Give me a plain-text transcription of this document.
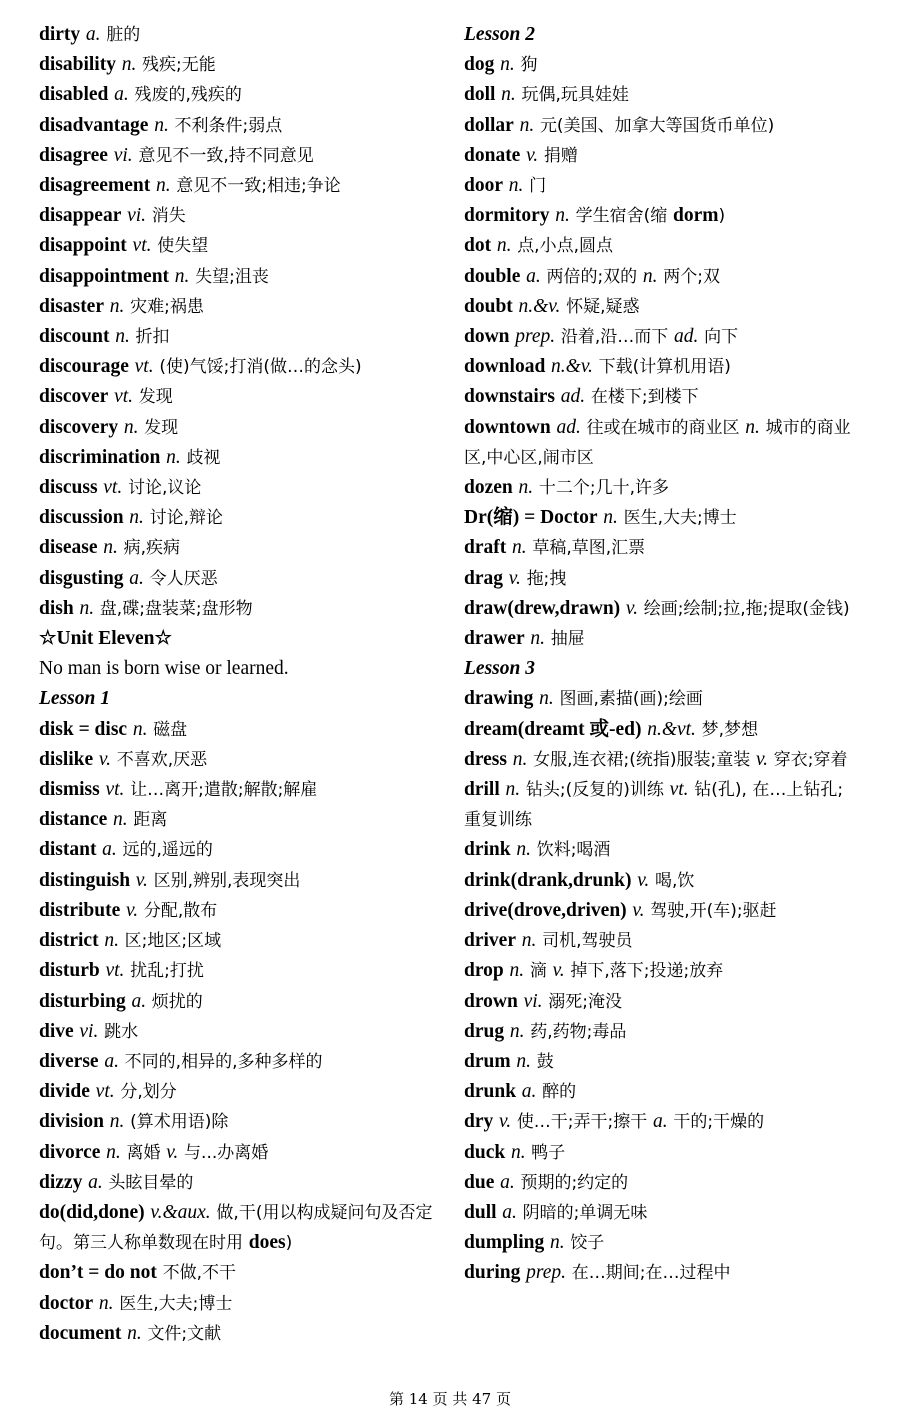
dirty a. 脏的
disability n. 残疾;无能
disabled a. 残废的,残疾的
disadvantage n. 不利条件;弱点
disagree vi. 意见不一致,持不同意见
disagreement n. 意见不一致;相违;争论
disappear vi. 消失
disappoint vt. 使失望
disappointment n. 失望;沮丧
disaster n. 灾难;祸患
discount n. 折扣
discourage vt. (使)气馁;打消(做…的念头)
discover vt. 发现
discovery n. 发现
discrimination n. 歧视
discuss vt. 讨论,议论
discussion n. 讨论,辩论
disease n. 病,疾病
disgusting a. 令人厌恶
dish n. 盘,碟;盘装菜;盘形物
☆Unit Eleven☆
No man is born wise or learned.
Lesson 1
disk = disc n. 磁盘
dislike v. 不喜欢,厌恶
dismiss vt. 让…离开;遣散;解散;解雇
distance n. 距离
distant a. 远的,遥远的
distinguish v. 区别,辨别,表现突出
distribute v. 分配,散布
district n. 区;地区;区域
disturb vt. 扰乱;打扰
disturbing a. 烦扰的
dive vi. 跳水
diverse a. 不同的,相异的,多种多样的
divide vt. 分,划分
division n. (算术用语)除
divorce n. 离婚 v. 与...办离婚
dizzy a. 头眩目晕的
do(did,done) v.&aux. 做,干(用以构成疑问句及否定句。第三人称单数现在时用 does)
don’t = do not 不做,不干
doctor n. 医生,大夫;博士
document n. 文件;文献
Lesson 2
dog n. 狗
doll n. 玩偶,玩具娃娃
dollar n. 元(美国、加拿大等国货币单位)
donate v. 捐赠
door n. 门
dormitory n. 学生宿舍(缩 dorm)
dot n. 点,小点,圆点
double a. 两倍的;双的 n. 两个;双
doubt n.&v. 怀疑,疑惑
down prep. 沿着,沿…而下 ad. 向下
download n.&v. 下载(计算机用语)
downstairs ad. 在楼下;到楼下
downtown ad. 往或在城市的商业区 n. 城市的商业区,中心区,闹市区
dozen n. 十二个;几十,许多
Dr(缩) = Doctor n. 医生,大夫;博士
draft n. 草稿,草图,汇票
drag v. 拖;拽
draw(drew,drawn) v. 绘画;绘制;拉,拖;提取(金钱)
drawer n. 抽屉
Lesson 3
drawing n. 图画,素描(画);绘画
dream(dreamt 或-ed) n.&vt. 梦,梦想
dress n. 女服,连衣裙;(统指)服装;童装 v. 穿衣;穿着
drill n. 钻头;(反复的)训练 vt. 钻(孔), 在…上钻孔;重复训练
drink n. 饮料;喝酒
drink(drank,drunk) v. 喝,饮
drive(drove,driven) v. 驾驶,开(车);驱赶
driver n. 司机,驾驶员
drop n. 滴 v. 掉下,落下;投递;放弃
drown vi. 溺死;淹没
drug n. 药,药物;毒品
drum n. 鼓
drunk a. 醉的
dry v. 使…干;弄干;擦干 a. 干的;干燥的
duck n. 鸭子
due a. 预期的;约定的
dull a. 阴暗的;单调无味
dumpling n. 饺子
during prep. 在…期间;在…过程中
第 14 页 共 47 页
